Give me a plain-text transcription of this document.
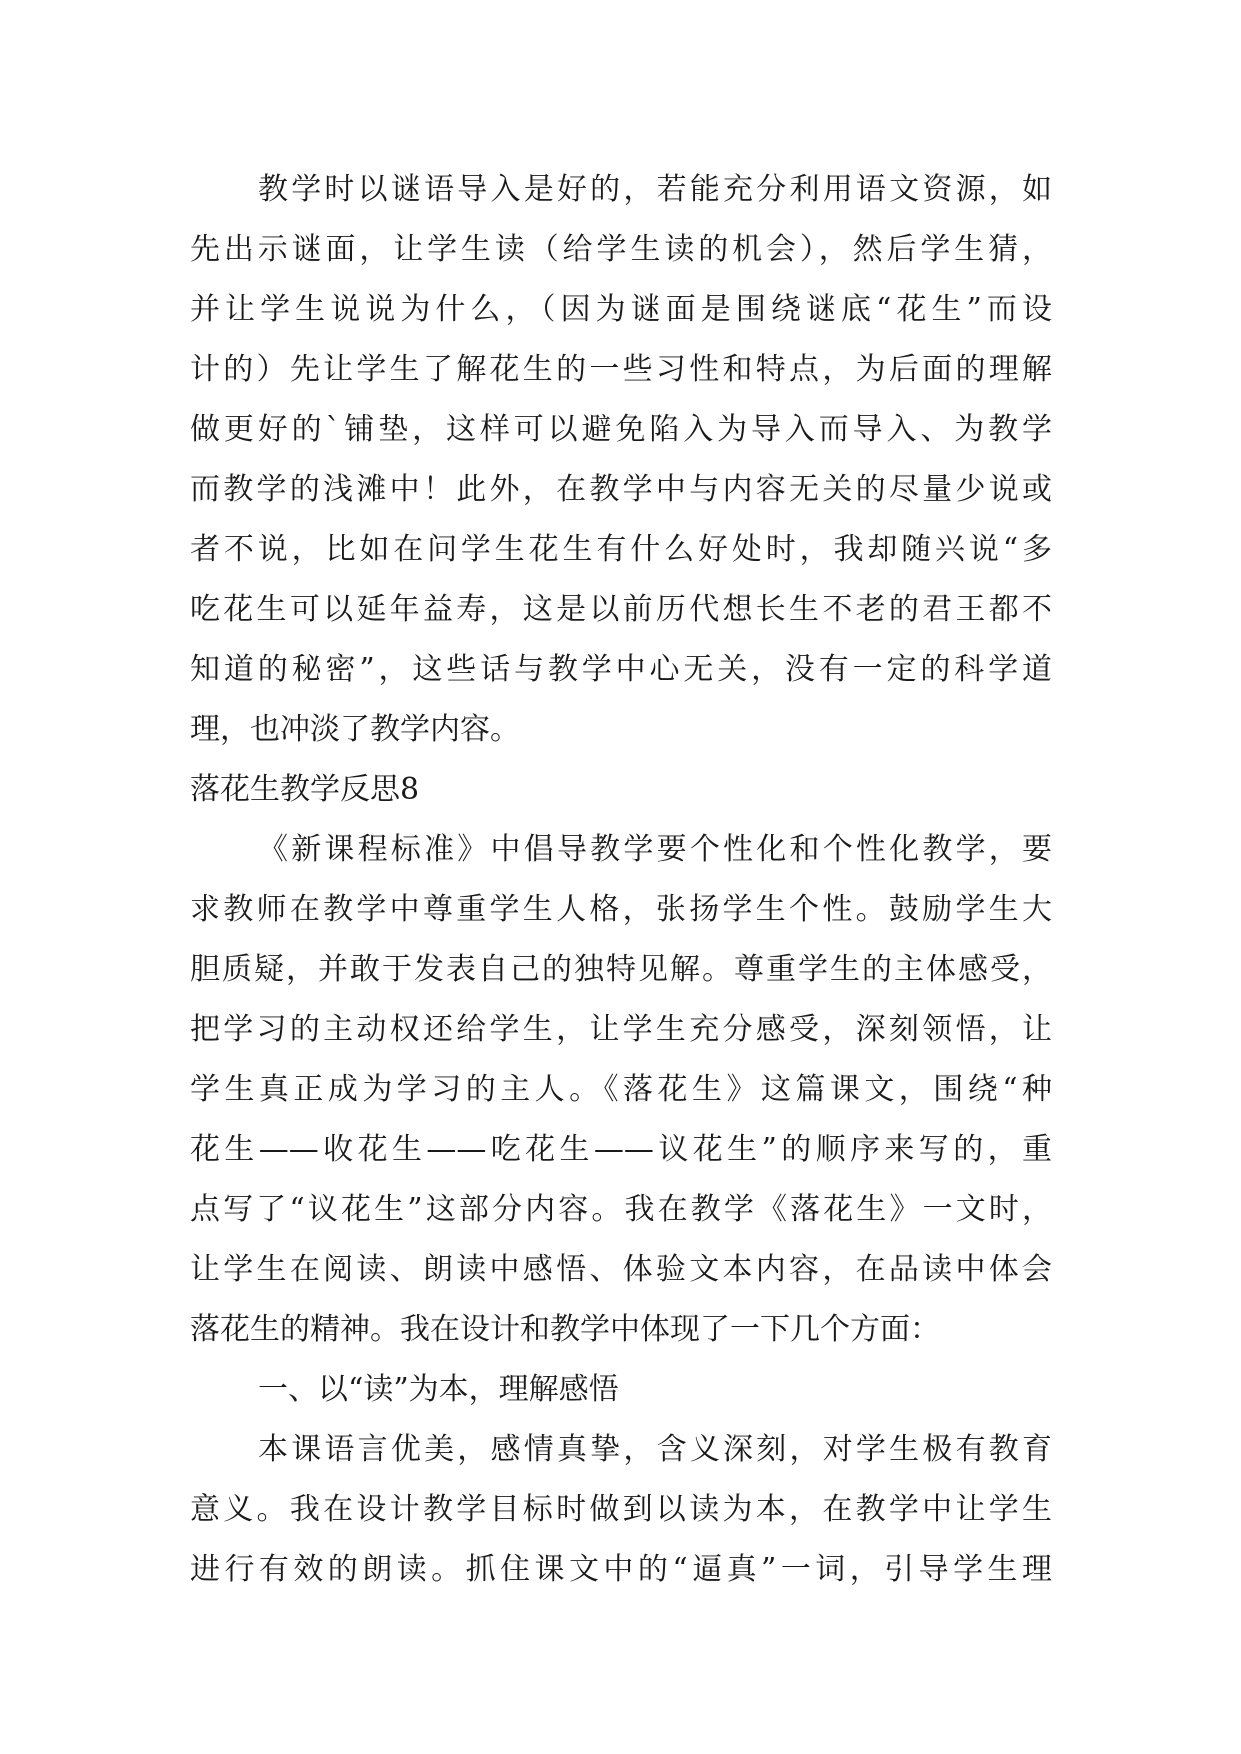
教学时以谜语导入是好的，若能充分利用语文资源，如
先出示谜面，让学生读（给学生读的机会），然后学生猜，
并让学生说说为什么，（因为谜面是围绕谜底“花生”而设
计的）先让学生了解花生的一些习性和特点，为后面的理解
做更好的`铺垫，这样可以避免陷入为导入而导入、为教学
而教学的浅滩中！此外，在教学中与内容无关的尽量少说或
者不说，比如在问学生花生有什么好处时，我却随兴说“多
吃花生可以延年益寿，这是以前历代想长生不老的君王都不
知道的秘密”，这些话与教学中心无关，没有一定的科学道
理，也冲淡了教学内容。
落花生教学反思8
《新课程标准》中倡导教学要个性化和个性化教学，要
求教师在教学中尊重学生人格，张扬学生个性。鼓励学生大
胆质疑，并敢于发表自己的独特见解。尊重学生的主体感受，
把学习的主动权还给学生，让学生充分感受，深刻领悟，让
学生真正成为学习的主人。《落花生》这篇课文，围绕“种
花生——收花生——吃花生——议花生”的顺序来写的，重
点写了“议花生”这部分内容。我在教学《落花生》一文时，
让学生在阅读、朗读中感悟、体验文本内容，在品读中体会
落花生的精神。我在设计和教学中体现了一下几个方面：
一、以“读”为本，理解感悟
本课语言优美，感情真挚，含义深刻，对学生极有教育
意义。我在设计教学目标时做到以读为本，在教学中让学生
进行有效的朗读。抓住课文中的“逼真”一词，引导学生理
